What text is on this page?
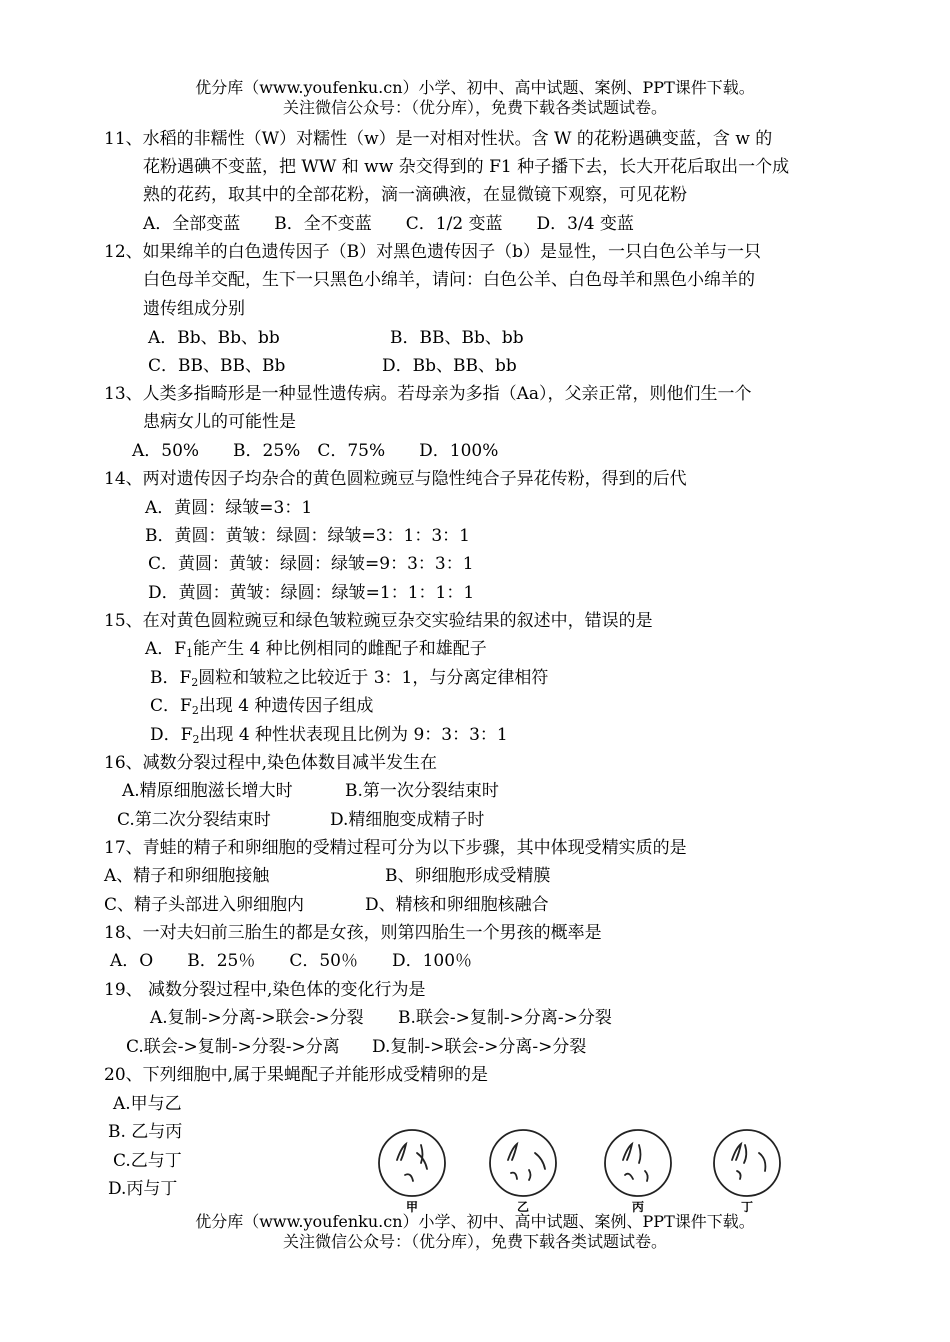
优分库（www.youfenku.cn）小学、初中、高中试题、案例、PPT课件下载。
关注微信公众号：（优分库），免费下载各类试题试卷。
11、水稻的非糯性（W）对糯性（w）是一对相对性状。含 W 的花粉遇碘变蓝，含 w 的
花粉遇碘不变蓝，把 WW 和 ww 杂交得到的 F1 种子播下去，长大开花后取出一个成
熟的花药，取其中的全部花粉，滴一滴碘液，在显微镜下观察，可见花粉
A．全部变蓝　　B．全不变蓝　　C．1/2 变蓝　　D．3/4 变蓝
12、如果绵羊的白色遗传因子（B）对黑色遗传因子（b）是显性，一只白色公羊与一只
白色母羊交配，生下一只黑色小绵羊，请问：白色公羊、白色母羊和黑色小绵羊的
遗传组成分别
A．Bb、Bb、bb	B．BB、Bb、bb
C．BB、BB、Bb	D．Bb、BB、bb
13、人类多指畸形是一种显性遗传病。若母亲为多指（Aa），父亲正常，则他们生一个
患病女儿的可能性是
A．50%　　B．25%　C．75%　　D．100%
14、两对遗传因子均杂合的黄色圆粒豌豆与隐性纯合子异花传粉，得到的后代
A．黄圆：绿皱=3：1
B．黄圆：黄皱：绿圆：绿皱=3：1：3：1
C．黄圆：黄皱：绿圆：绿皱=9：3：3：1
D．黄圆：黄皱：绿圆：绿皱=1：1：1：1
15、在对黄色圆粒豌豆和绿色皱粒豌豆杂交实验结果的叙述中，错误的是
A．$F_1$能产生 4 种比例相同的雌配子和雄配子
B．$F_2$圆粒和皱粒之比较近于 3：1，与分离定律相符
C．$F_2$出现 4 种遗传因子组成
D．$F_2$出现 4 种性状表现且比例为 9：3：3：1
16、减数分裂过程中,染色体数目减半发生在
A.精原细胞滋长增大时	B.第一次分裂结束时
C.第二次分裂结束时	D.精细胞变成精子时
17、青蛙的精子和卵细胞的受精过程可分为以下步骤，其中体现受精实质的是
A、精子和卵细胞接触	B、卵细胞形成受精膜
C、精子头部进入卵细胞内	D、精核和卵细胞核融合
18、一对夫妇前三胎生的都是女孩，则第四胎生一个男孩的概率是
A．O　　B．25％　　C．50％　　D．100％
19、 减数分裂过程中,染色体的变化行为是
A.复制->分离->联会->分裂 B.联会->复制->分离->分裂
C.联会->复制->分裂->分离 D.复制->联会->分离->分裂
20、下列细胞中,属于果蝇配子并能形成受精卵的是
A.甲与乙
B. 乙与丙
C.乙与丁
D.丙与丁
甲	乙	丙	丁
优分库（www.youfenku.cn）小学、初中、高中试题、案例、PPT课件下载。
关注微信公众号：（优分库），免费下载各类试题试卷。
